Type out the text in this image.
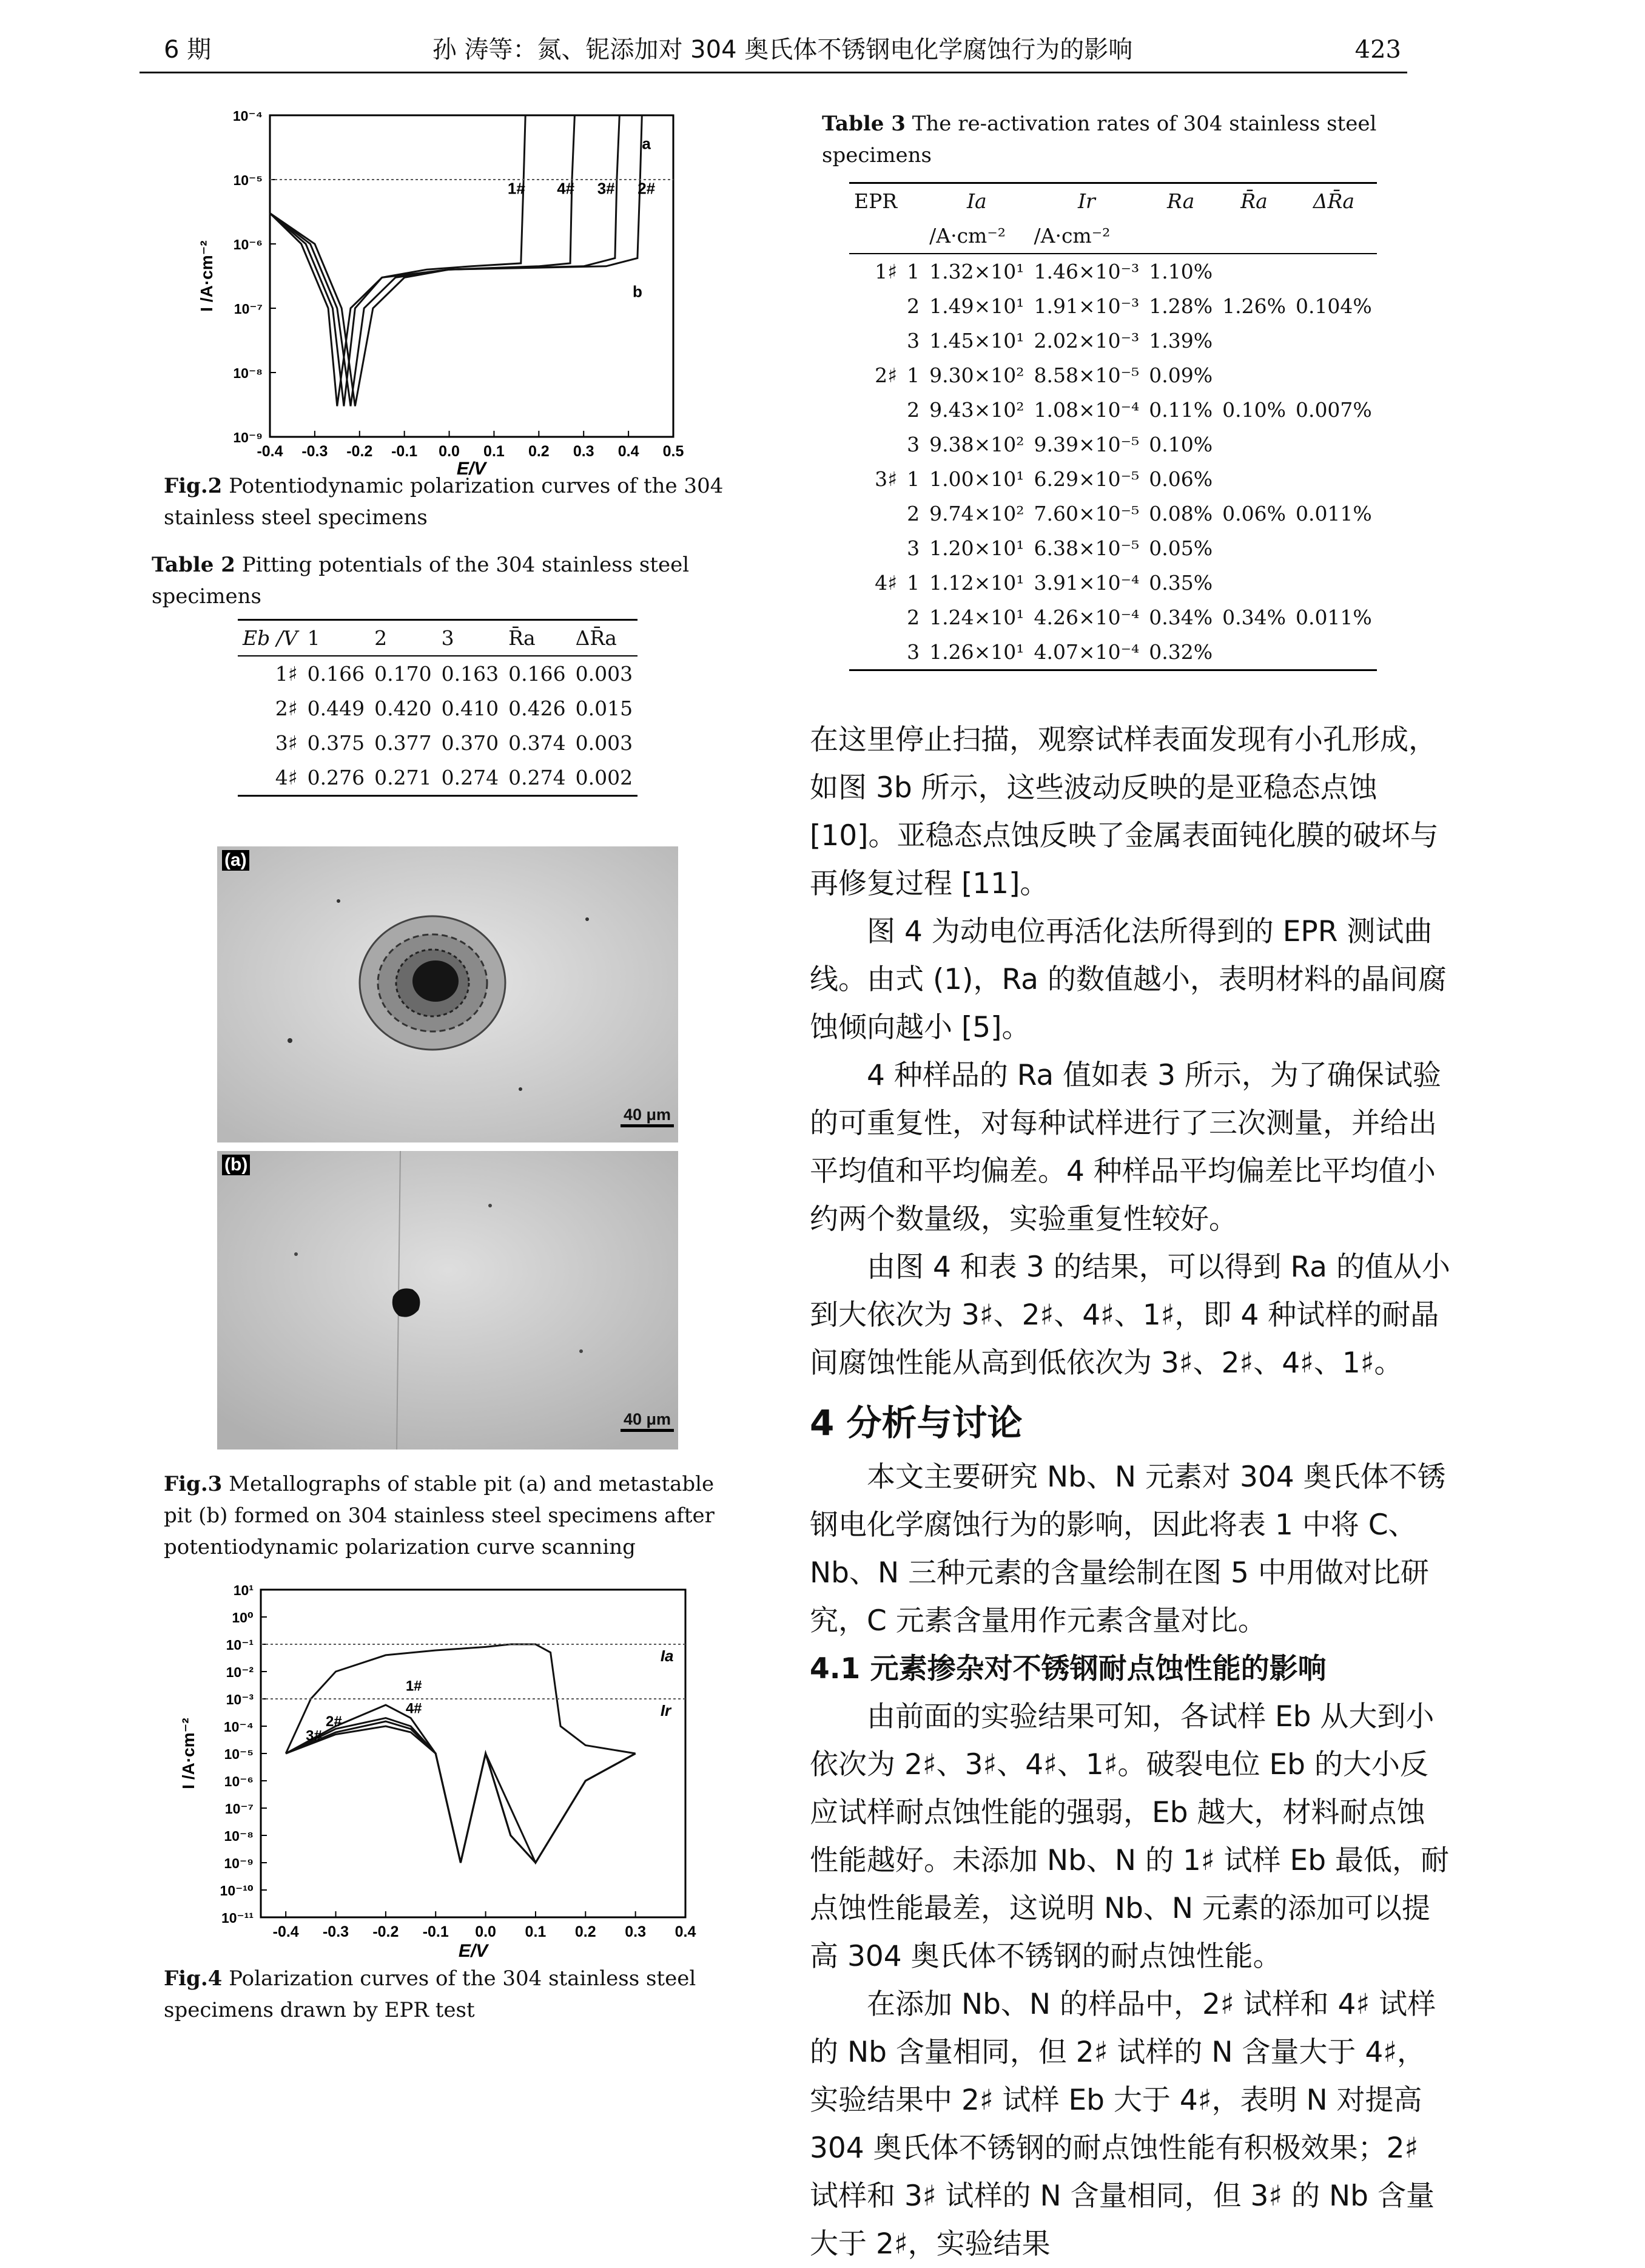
6 期	孙 涛等：氮、铌添加对 304 奥氏体不锈钢电化学腐蚀行为的影响	423
-0.4 -0.3 -0.2 -0.1 0.0 0.1 0.2 0.3 0.4 0.5
10⁻⁹
10⁻⁸
10⁻⁷
10⁻⁶
10⁻⁵
10⁻⁴
1# 4# 3# 2#
a
b
E/V
I /A·cm⁻²
Fig.2 Potentiodynamic polarization curves of the 304 stainless steel specimens
Table 2 Pitting potentials of the 304 stainless steel specimens
Eb /V	1	2	3	R̄a	ΔR̄a
1♯	0.166	0.170	0.163	0.166	0.003
2♯	0.449	0.420	0.410	0.426	0.015
3♯	0.375	0.377	0.370	0.374	0.003
4♯	0.276	0.271	0.274	0.274	0.002
(a)
40 μm
(b)
40 μm
Fig.3 Metallographs of stable pit (a) and metastable pit (b) formed on 304 stainless steel specimens after potentiodynamic polarization curve scanning
-0.4 -0.3 -0.2 -0.1 0.0 0.1 0.2 0.3 0.4
10¹
10⁰
10⁻¹
10⁻²
10⁻³
10⁻⁴
10⁻⁵
10⁻⁶
10⁻⁷
10⁻⁸
10⁻⁹
10⁻¹⁰
10⁻¹¹
Ia
Ir
1#
4#
2#
3#
E/V
I /A·cm⁻²
Fig.4 Polarization curves of the 304 stainless steel specimens drawn by EPR test
Table 3 The re-activation rates of 304 stainless steel specimens
EPR		Ia	Ir	Ra	R̄a	ΔR̄a
		/A·cm⁻²	/A·cm⁻²			
1♯	1	1.32×10¹	1.46×10⁻³	1.10%		
	2	1.49×10¹	1.91×10⁻³	1.28%	1.26%	0.104%
	3	1.45×10¹	2.02×10⁻³	1.39%		
2♯	1	9.30×10²	8.58×10⁻⁵	0.09%		
	2	9.43×10²	1.08×10⁻⁴	0.11%	0.10%	0.007%
	3	9.38×10²	9.39×10⁻⁵	0.10%		
3♯	1	1.00×10¹	6.29×10⁻⁵	0.06%		
	2	9.74×10²	7.60×10⁻⁵	0.08%	0.06%	0.011%
	3	1.20×10¹	6.38×10⁻⁵	0.05%		
4♯	1	1.12×10¹	3.91×10⁻⁴	0.35%		
	2	1.24×10¹	4.26×10⁻⁴	0.34%	0.34%	0.011%
	3	1.26×10¹	4.07×10⁻⁴	0.32%		

在这里停止扫描，观察试样表面发现有小孔形成，如图 3b 所示，这些波动反映的是亚稳态点蚀 [10]。亚稳态点蚀反映了金属表面钝化膜的破坏与再修复过程 [11]。

图 4 为动电位再活化法所得到的 EPR 测试曲线。由式 (1)，Ra 的数值越小，表明材料的晶间腐蚀倾向越小 [5]。

4 种样品的 Ra 值如表 3 所示，为了确保试验的可重复性，对每种试样进行了三次测量，并给出平均值和平均偏差。4 种样品平均偏差比平均值小约两个数量级，实验重复性较好。

由图 4 和表 3 的结果，可以得到 Ra 的值从小到大依次为 3♯、2♯、4♯、1♯，即 4 种试样的耐晶间腐蚀性能从高到低依次为 3♯、2♯、4♯、1♯。

4 分析与讨论

本文主要研究 Nb、N 元素对 304 奥氏体不锈钢电化学腐蚀行为的影响，因此将表 1 中将 C、Nb、N 三种元素的含量绘制在图 5 中用做对比研究，C 元素含量用作元素含量对比。

4.1 元素掺杂对不锈钢耐点蚀性能的影响

由前面的实验结果可知，各试样 Eb 从大到小依次为 2♯、3♯、4♯、1♯。破裂电位 Eb 的大小反应试样耐点蚀性能的强弱，Eb 越大，材料耐点蚀性能越好。未添加 Nb、N 的 1♯ 试样 Eb 最低，耐点蚀性能最差，这说明 Nb、N 元素的添加可以提高 304 奥氏体不锈钢的耐点蚀性能。

在添加 Nb、N 的样品中，2♯ 试样和 4♯ 试样的 Nb 含量相同，但 2♯ 试样的 N 含量大于 4♯，实验结果中 2♯ 试样 Eb 大于 4♯，表明 N 对提高 304 奥氏体不锈钢的耐点蚀性能有积极效果；2♯ 试样和 3♯ 试样的 N 含量相同，但 3♯ 的 Nb 含量大于 2♯，实验结果
